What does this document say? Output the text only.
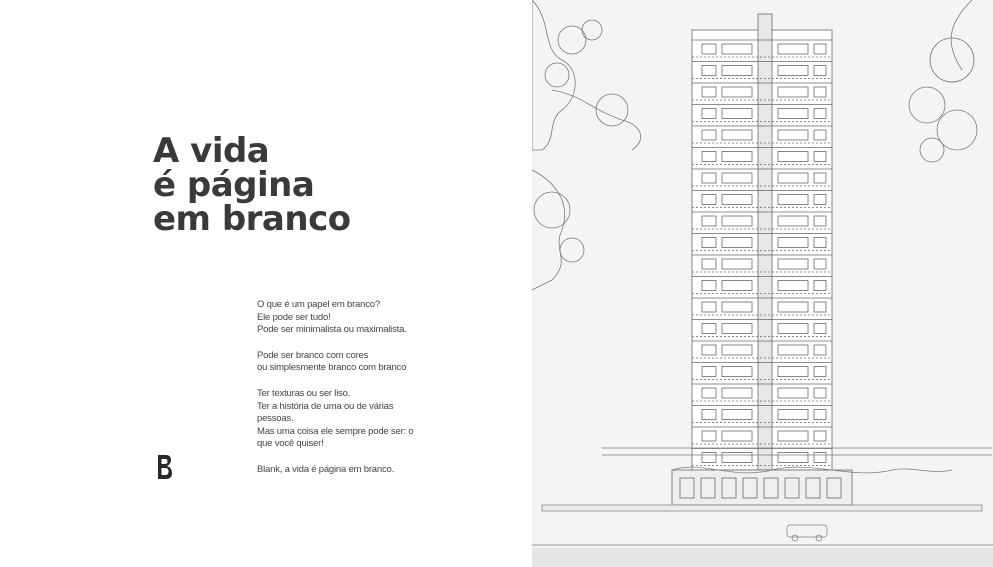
A vida
é página
em branco

O que é um papel em branco?
Ele pode ser tudo!
Pode ser minimalista ou maximalista.

Pode ser branco com cores
ou simplesmente branco com branco

Ter texturas ou ser liso.
Ter a história de uma ou de várias
pessoas.
Mas uma coisa ele sempre pode ser: o
que você quiser!

Blank, a vida é página em branco.
